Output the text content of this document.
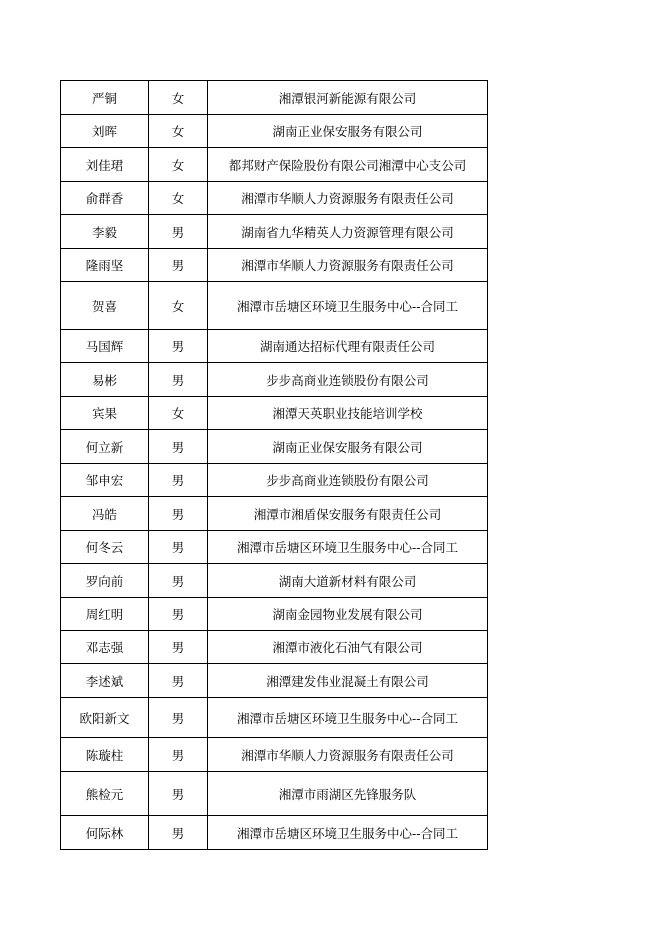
严铜	女	湘潭银河新能源有限公司
刘晖	女	湖南正业保安服务有限公司
刘佳珺	女	都邦财产保险股份有限公司湘潭中心支公司
俞群香	女	湘潭市华顺人力资源服务有限责任公司
李毅	男	湖南省九华精英人力资源管理有限公司
隆雨坚	男	湘潭市华顺人力资源服务有限责任公司
贺喜	女	湘潭市岳塘区环境卫生服务中心--合同工
马国辉	男	湖南通达招标代理有限责任公司
易彬	男	步步高商业连锁股份有限公司
宾果	女	湘潭天英职业技能培训学校
何立新	男	湖南正业保安服务有限公司
邹申宏	男	步步高商业连锁股份有限公司
冯皓	男	湘潭市湘盾保安服务有限责任公司
何冬云	男	湘潭市岳塘区环境卫生服务中心--合同工
罗向前	男	湖南大道新材料有限公司
周红明	男	湖南金园物业发展有限公司
邓志强	男	湘潭市液化石油气有限公司
李述斌	男	湘潭建发伟业混凝土有限公司
欧阳新文	男	湘潭市岳塘区环境卫生服务中心--合同工
陈璇柱	男	湘潭市华顺人力资源服务有限责任公司
熊检元	男	湘潭市雨湖区先锋服务队
何际林	男	湘潭市岳塘区环境卫生服务中心--合同工
